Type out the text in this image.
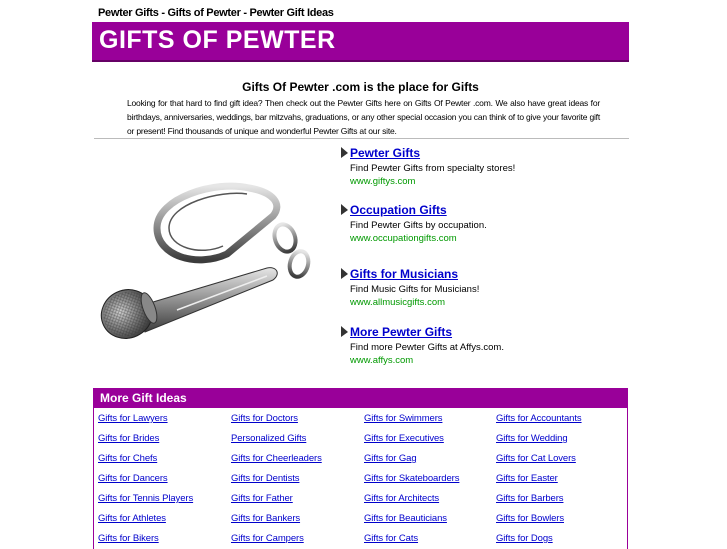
Pewter Gifts - Gifts of Pewter - Pewter Gift Ideas
GIFTS OF PEWTER
Gifts Of Pewter .com is the place for Gifts
Looking for that hard to find gift idea? Then check out the Pewter Gifts here on Gifts Of Pewter .com. We also have great ideas for birthdays, anniversaries, weddings, bar mitzvahs, graduations, or any other special occasion you can think of to give your favorite gift or present! Find thousands of unique and wonderful Pewter Gifts at our site.
Pewter Gifts
Find Pewter Gifts from specialty stores!
www.giftys.com
Occupation Gifts
Find Pewter Gifts by occupation.
www.occupationgifts.com
Gifts for Musicians
Find Music Gifts for Musicians!
www.allmusicgifts.com
More Pewter Gifts
Find more Pewter Gifts at Affys.com.
www.affys.com
More Gift Ideas
Gifts for Lawyers
Gifts for Brides
Gifts for Chefs
Gifts for Dancers
Gifts for Tennis Players
Gifts for Athletes
Gifts for Bikers
Gifts for Doctors
Personalized Gifts
Gifts for Cheerleaders
Gifts for Dentists
Gifts for Father
Gifts for Bankers
Gifts for Campers
Gifts for Swimmers
Gifts for Executives
Gifts for Gag
Gifts for Skateboarders
Gifts for Architects
Gifts for Beauticians
Gifts for Cats
Gifts for Accountants
Gifts for Wedding
Gifts for Cat Lovers
Gifts for Easter
Gifts for Barbers
Gifts for Bowlers
Gifts for Dogs
